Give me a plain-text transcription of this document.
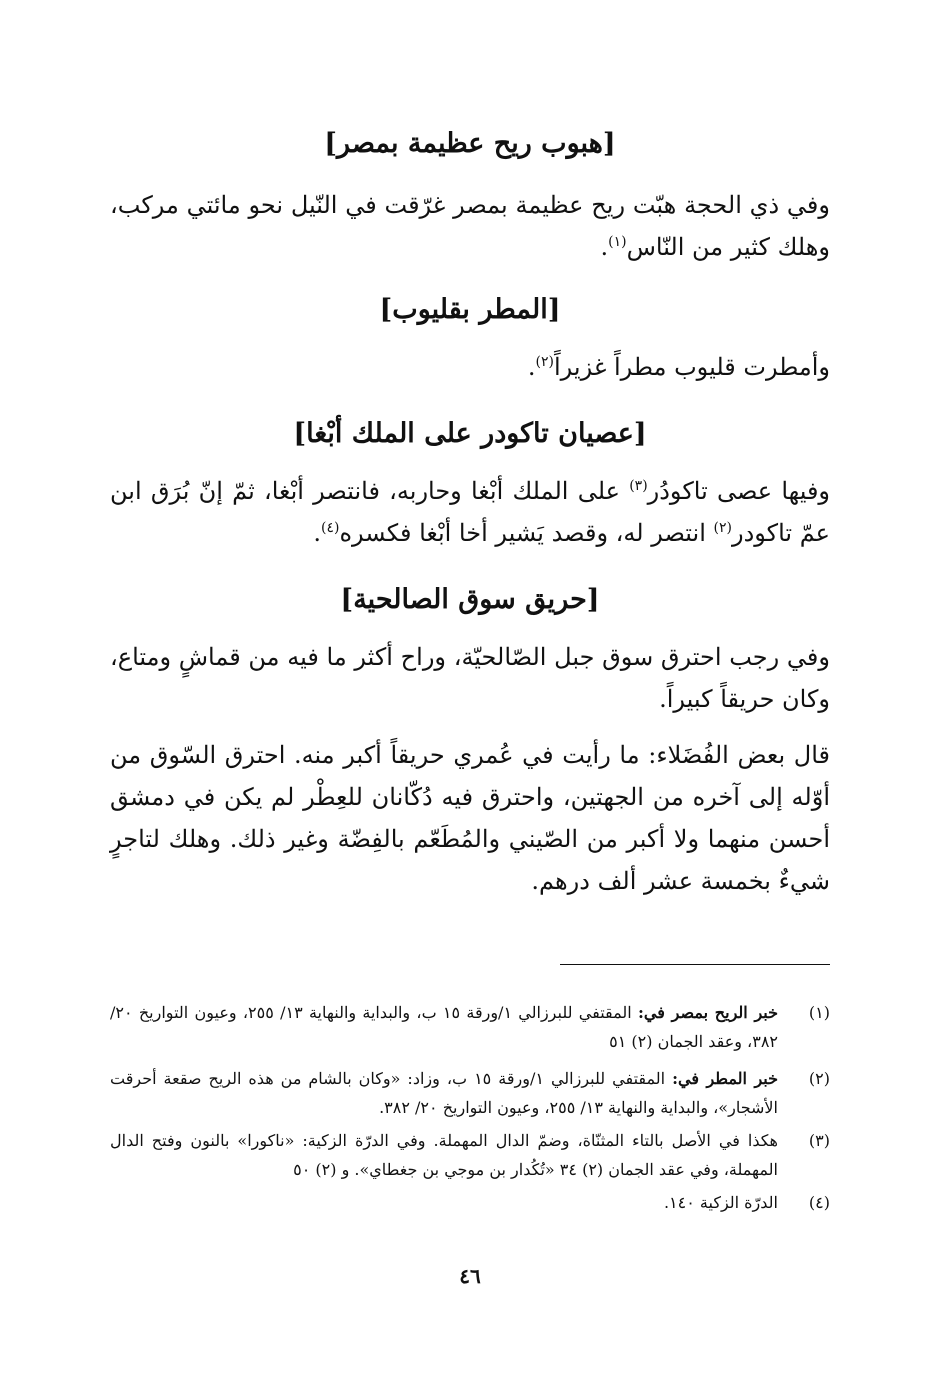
[هبوب ريح عظيمة بمصر]

وفي ذي الحجة هبّت ريح عظيمة بمصر غرّقت في النّيل نحو مائتي مركب، وهلك كثير من النّاس$^{(١)}$.

[المطر بقليوب]

وأمطرت قليوب مطراً غزيراً$^{(٢)}$.

[عصيان تاكودر على الملك أبْغا]

وفيها عصى تاكودُر$^{(٣)}$ على الملك أبْغا وحاربه، فانتصر أبْغا، ثمّ إنّ بُرَق ابن عمّ تاكودر$^{(٢)}$ انتصر له، وقصد يَشير أخا أبْغا فكسره$^{(٤)}$.

[حريق سوق الصالحية]

وفي رجب احترق سوق جبل الصّالحيّة، وراح أكثر ما فيه من قماشٍ ومتاع، وكان حريقاً كبيراً.

قال بعض الفُضَلاء: ما رأيت في عُمري حريقاً أكبر منه. احترق السّوق من أوّله إلى آخره من الجهتين، واحترق فيه دُكّانان للعِطْر لم يكن في دمشق أحسن منهما ولا أكبر من الصّيني والمُطَعّم بالفِضّة وغير ذلك. وهلك لتاجرٍ شيءٌ بخمسة عشر ألف درهم.

(١)
خبر الريح بمصر في: المقتفي للبرزالي ١/ورقة ١٥ ب، والبداية والنهاية ١٣/ ٢٥٥، وعيون التواريخ ٢٠/ ٣٨٢، وعقد الجمان (٢) ٥١
(٢)
خبر المطر في: المقتفي للبرزالي ١/ورقة ١٥ ب، وزاد: «وكان بالشام من هذه الريح صقعة أحرقت الأشجار»، والبداية والنهاية ١٣/ ٢٥٥، وعيون التواريخ ٢٠/ ٣٨٢.
(٣)
هكذا في الأصل بالتاء المثنّاة، وضمّ الدال المهملة. وفي الدرّة الزكية: «ناكورا» بالنون وفتح الدال المهملة، وفي عقد الجمان (٢) ٣٤ «تُكُدار بن موجي بن جغطاي». و (٢) ٥٠
(٤)
الدرّة الزكية ١٤٠.
٤٦
